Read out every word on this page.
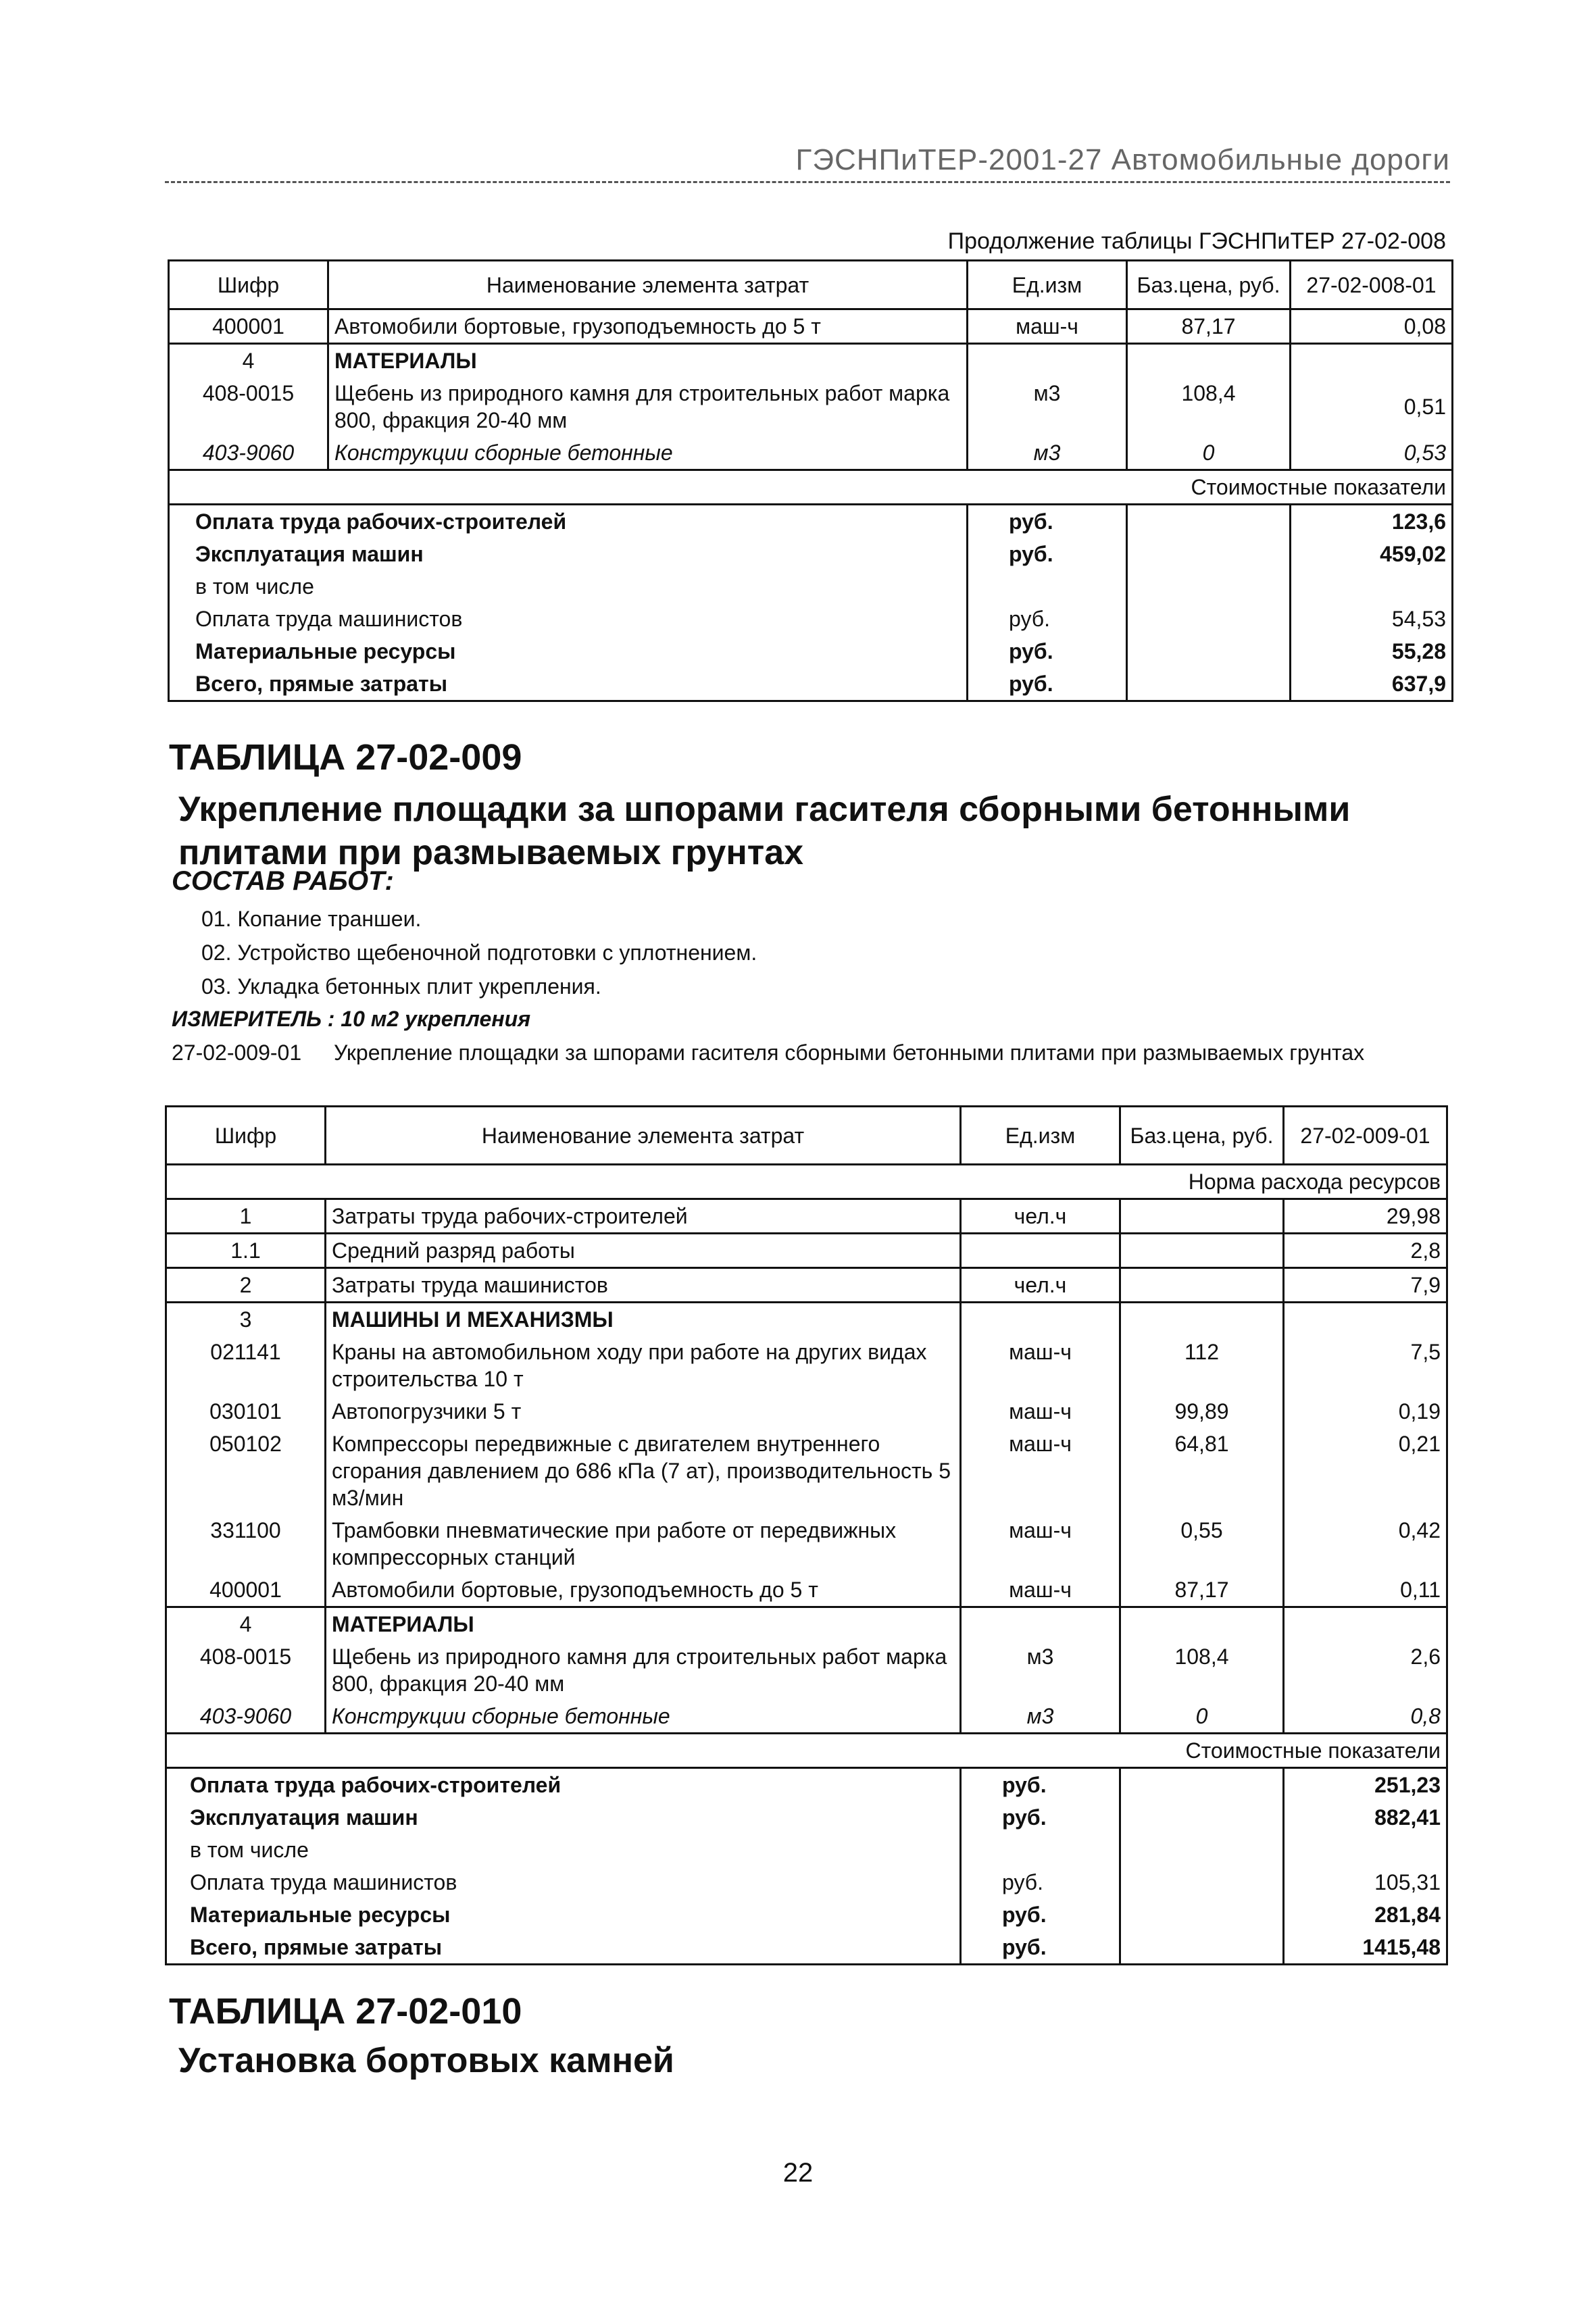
ГЭСНПиТЕР-2001-27 Автомобильные дороги
Продолжение таблицы ГЭСНПиТЕР 27-02-008
Шифр	Наименование элемента затрат	Ед.изм	Баз.цена, руб.	27-02-008-01
400001	Автомобили бортовые, грузоподъемность до 5 т	маш-ч	87,17	0,08
4	МАТЕРИАЛЫ			
408-0015	Щебень из природного камня для строительных работ марка 800, фракция 20-40 мм	м3	108,4	0,51
403-9060	Конструкции сборные бетонные	м3	0	0,53
Стоимостные показатели				
Оплата труда рабочих-строителей		руб.		123,6
Эксплуатация машин		руб.		459,02
в том числе				
Оплата труда машинистов		руб.		54,53
Материальные ресурсы		руб.		55,28
Всего, прямые затраты		руб.		637,9
ТАБЛИЦА 27-02-009
Укрепление площадки за шпорами гасителя сборными бетонными плитами при размываемых грунтах
СОСТАВ РАБОТ:
01. Копание траншеи.
02. Устройство щебеночной подготовки с уплотнением.
03. Укладка бетонных плит укрепления.
ИЗМЕРИТЕЛЬ : 10 м2 укрепления
27-02-009-01 Укрепление площадки за шпорами гасителя сборными бетонными плитами при размываемых грунтах
Шифр	Наименование элемента затрат	Ед.изм	Баз.цена, руб.	27-02-009-01
Норма расхода ресурсов				
1	Затраты труда рабочих-строителей	чел.ч		29,98
1.1	Средний разряд работы			2,8
2	Затраты труда машинистов	чел.ч		7,9
3	МАШИНЫ И МЕХАНИЗМЫ			
021141	Краны на автомобильном ходу при работе на других видах строительства 10 т	маш-ч	112	7,5
030101	Автопогрузчики 5 т	маш-ч	99,89	0,19
050102	Компрессоры передвижные с двигателем внутреннего сгорания давлением до 686 кПа (7 ат), производительность 5 м3/мин	маш-ч	64,81	0,21
331100	Трамбовки пневматические при работе от передвижных компрессорных станций	маш-ч	0,55	0,42
400001	Автомобили бортовые, грузоподъемность до 5 т	маш-ч	87,17	0,11
4	МАТЕРИАЛЫ			
408-0015	Щебень из природного камня для строительных работ марка 800, фракция 20-40 мм	м3	108,4	2,6
403-9060	Конструкции сборные бетонные	м3	0	0,8
Стоимостные показатели				
Оплата труда рабочих-строителей		руб.		251,23
Эксплуатация машин		руб.		882,41
в том числе				
Оплата труда машинистов		руб.		105,31
Материальные ресурсы		руб.		281,84
Всего, прямые затраты		руб.		1415,48
ТАБЛИЦА 27-02-010
Установка бортовых камней
22
